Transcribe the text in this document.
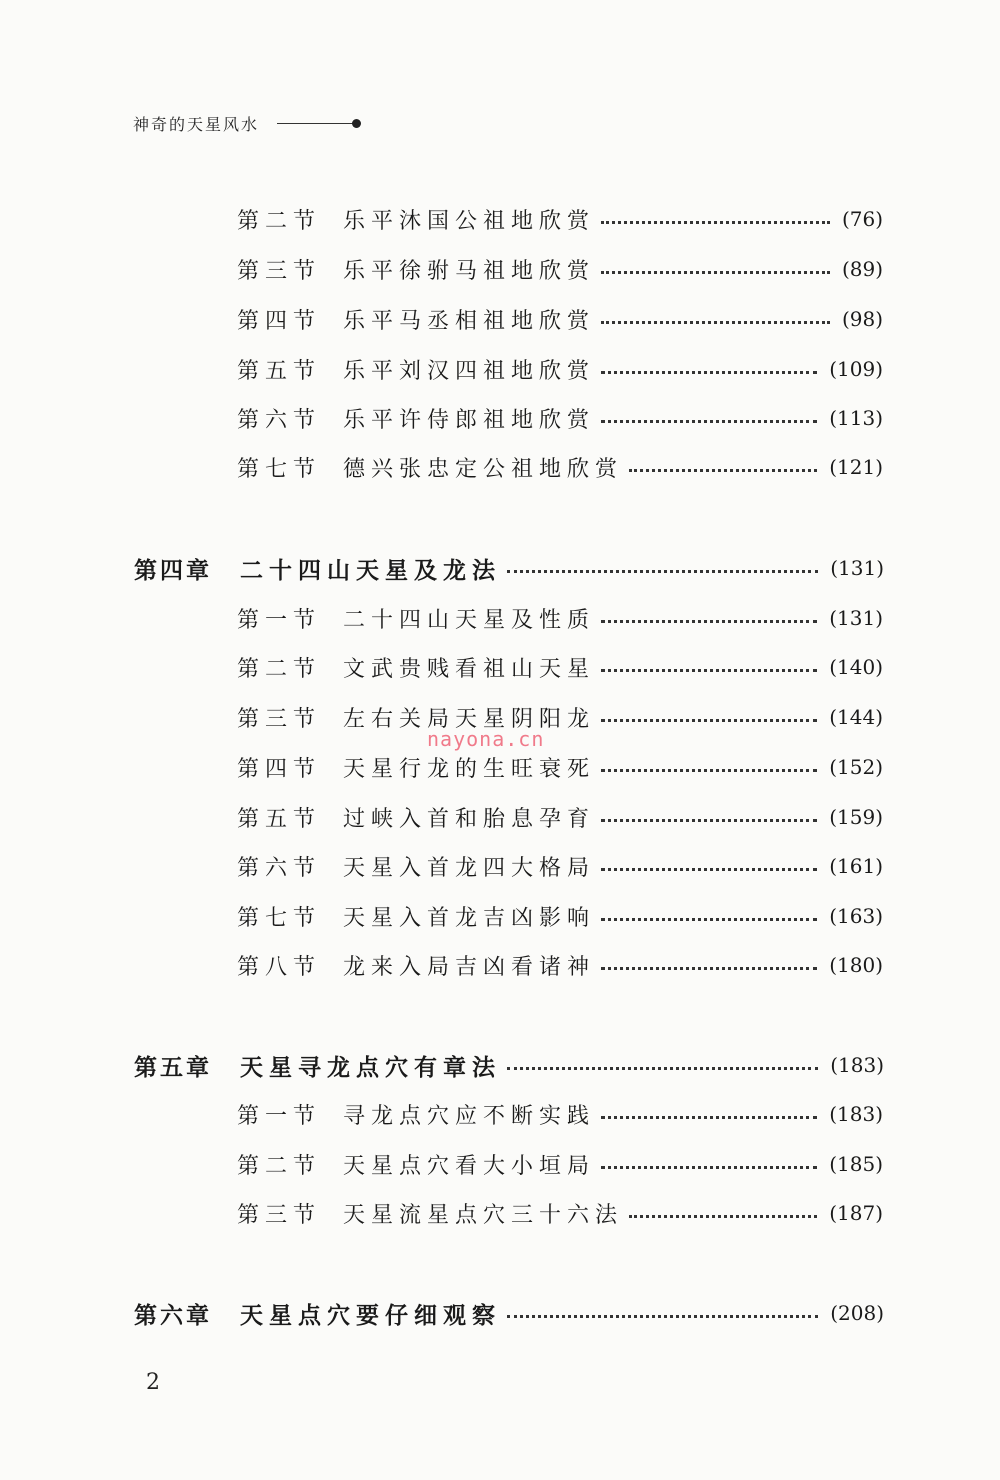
神奇的天星风水
第二节 乐平沐国公祖地欣赏	(76)
第三节 乐平徐驸马祖地欣赏	(89)
第四节 乐平马丞相祖地欣赏	(98)
第五节 乐平刘汉四祖地欣赏	(109)
第六节 乐平许侍郎祖地欣赏	(113)
第七节 德兴张忠定公祖地欣赏	(121)
第四章	二十四山天星及龙法	(131)
第一节 二十四山天星及性质	(131)
第二节 文武贵贱看祖山天星	(140)
第三节 左右关局天星阴阳龙	(144)
第四节 天星行龙的生旺衰死	(152)
第五节 过峡入首和胎息孕育	(159)
第六节 天星入首龙四大格局	(161)
第七节 天星入首龙吉凶影响	(163)
第八节 龙来入局吉凶看诸神	(180)
第五章	天星寻龙点穴有章法	(183)
第一节 寻龙点穴应不断实践	(183)
第二节 天星点穴看大小垣局	(185)
第三节 天星流星点穴三十六法	(187)
第六章	天星点穴要仔细观察	(208)
nayona.cn
2
